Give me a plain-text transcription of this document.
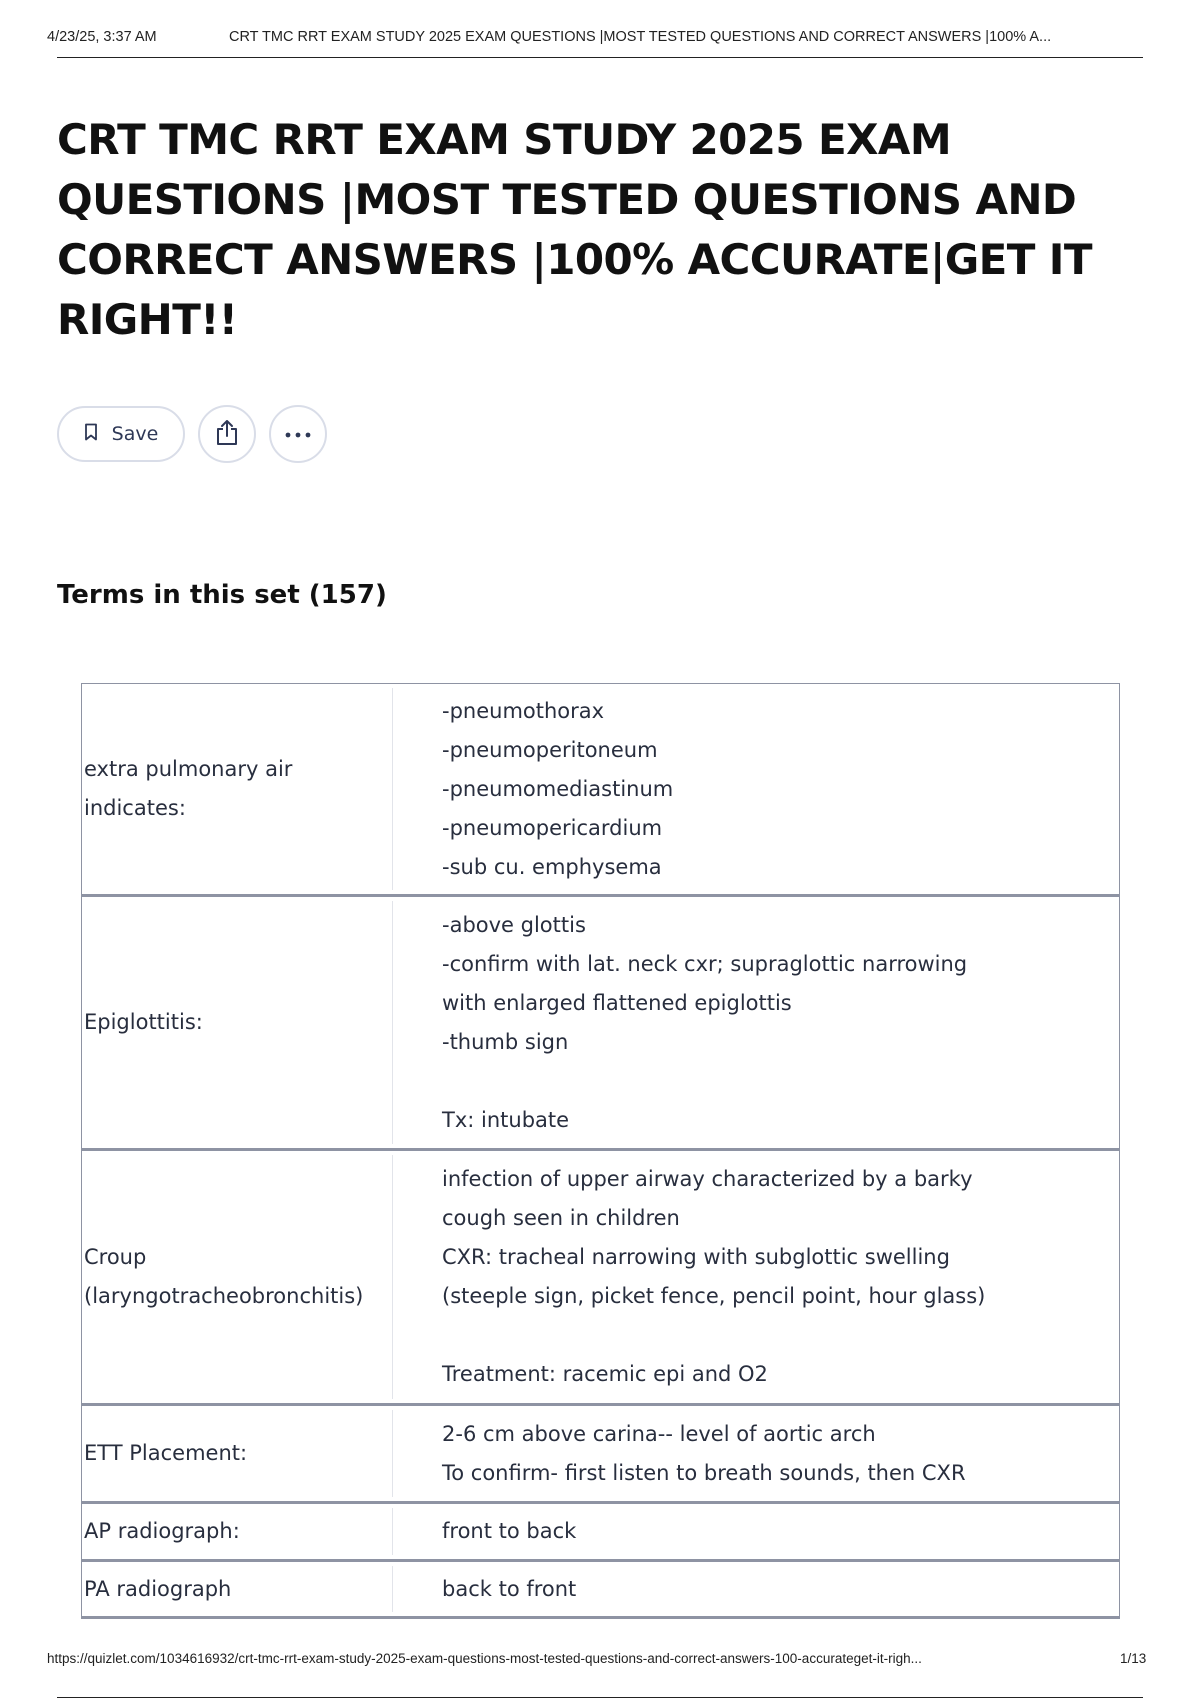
4/23/25, 3:37 AM	CRT TMC RRT EXAM STUDY 2025 EXAM QUESTIONS |MOST TESTED QUESTIONS AND CORRECT ANSWERS |100% A...
CRT TMC RRT EXAM STUDY 2025 EXAM QUESTIONS |MOST TESTED QUESTIONS AND CORRECT ANSWERS |100% ACCURATE|GET IT RIGHT!!
Save
Terms in this set (157)
extra pulmonary air indicates:	-pneumothorax
-pneumoperitoneum
-pneumomediastinum
-pneumopericardium
-sub cu. emphysema

Epiglottitis:	-above glottis
-confirm with lat. neck cxr; supraglottic narrowing
with enlarged flattened epiglottis
-thumb sign
Tx: intubate

Croup (laryngotracheobronchitis)	infection of upper airway characterized by a barky
cough seen in children
CXR: tracheal narrowing with subglottic swelling
(steeple sign, picket fence, pencil point, hour glass)
Treatment: racemic epi and O2

ETT Placement:	2-6 cm above carina-- level of aortic arch
To confirm- first listen to breath sounds, then CXR

AP radiograph:	front to back

PA radiograph	back to front
https://quizlet.com/1034616932/crt-tmc-rrt-exam-study-2025-exam-questions-most-tested-questions-and-correct-answers-100-accurateget-it-righ...	1/13
